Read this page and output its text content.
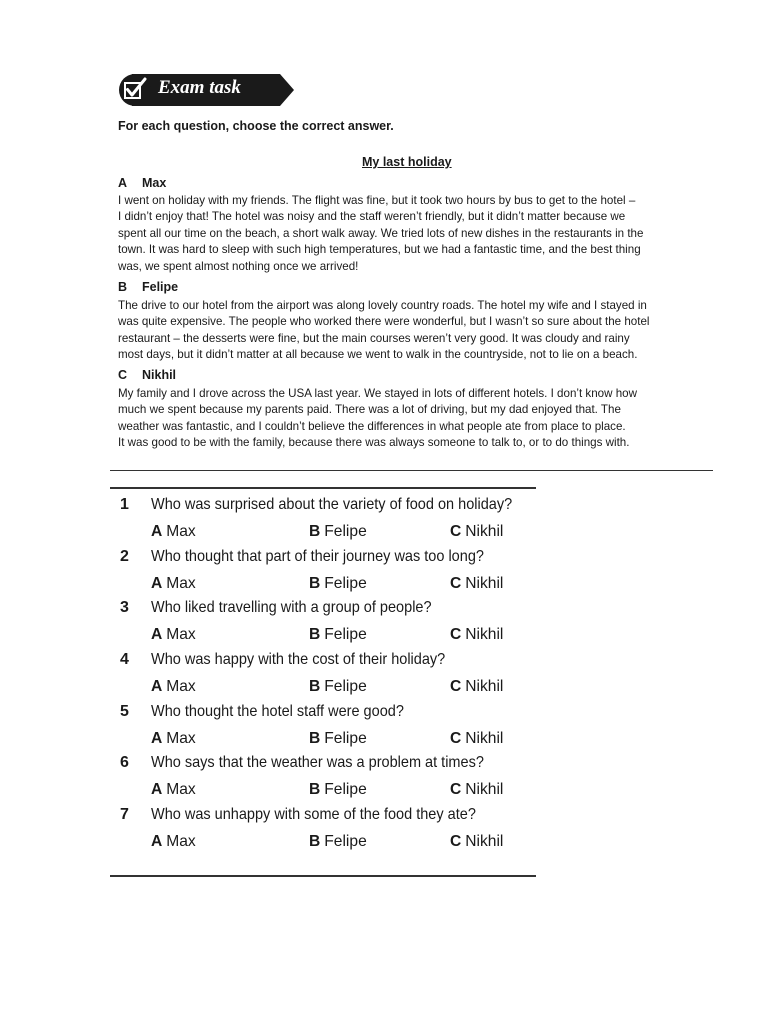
Exam task
For each question, choose the correct answer.
My last holiday
A Max
I went on holiday with my friends. The flight was fine, but it took two hours by bus to get to the hotel –
I didn’t enjoy that! The hotel was noisy and the staff weren’t friendly, but it didn’t matter because we
spent all our time on the beach, a short walk away. We tried lots of new dishes in the restaurants in the
town. It was hard to sleep with such high temperatures, but we had a fantastic time, and the best thing
was, we spent almost nothing once we arrived!
B Felipe
The drive to our hotel from the airport was along lovely country roads. The hotel my wife and I stayed in
was quite expensive. The people who worked there were wonderful, but I wasn’t so sure about the hotel
restaurant – the desserts were fine, but the main courses weren’t very good. It was cloudy and rainy
most days, but it didn’t matter at all because we went to walk in the countryside, not to lie on a beach.
C Nikhil
My family and I drove across the USA last year. We stayed in lots of different hotels. I don’t know how
much we spent because my parents paid. There was a lot of driving, but my dad enjoyed that. The
weather was fantastic, and I couldn’t believe the differences in what people ate from place to place.
It was good to be with the family, because there was always someone to talk to, or to do things with.
1	Who was surprised about the variety of food on holiday?
A Max	B Felipe	C Nikhil
2	Who thought that part of their journey was too long?
A Max	B Felipe	C Nikhil
3	Who liked travelling with a group of people?
A Max	B Felipe	C Nikhil
4	Who was happy with the cost of their holiday?
A Max	B Felipe	C Nikhil
5	Who thought the hotel staff were good?
A Max	B Felipe	C Nikhil
6	Who says that the weather was a problem at times?
A Max	B Felipe	C Nikhil
7	Who was unhappy with some of the food they ate?
A Max	B Felipe	C Nikhil
